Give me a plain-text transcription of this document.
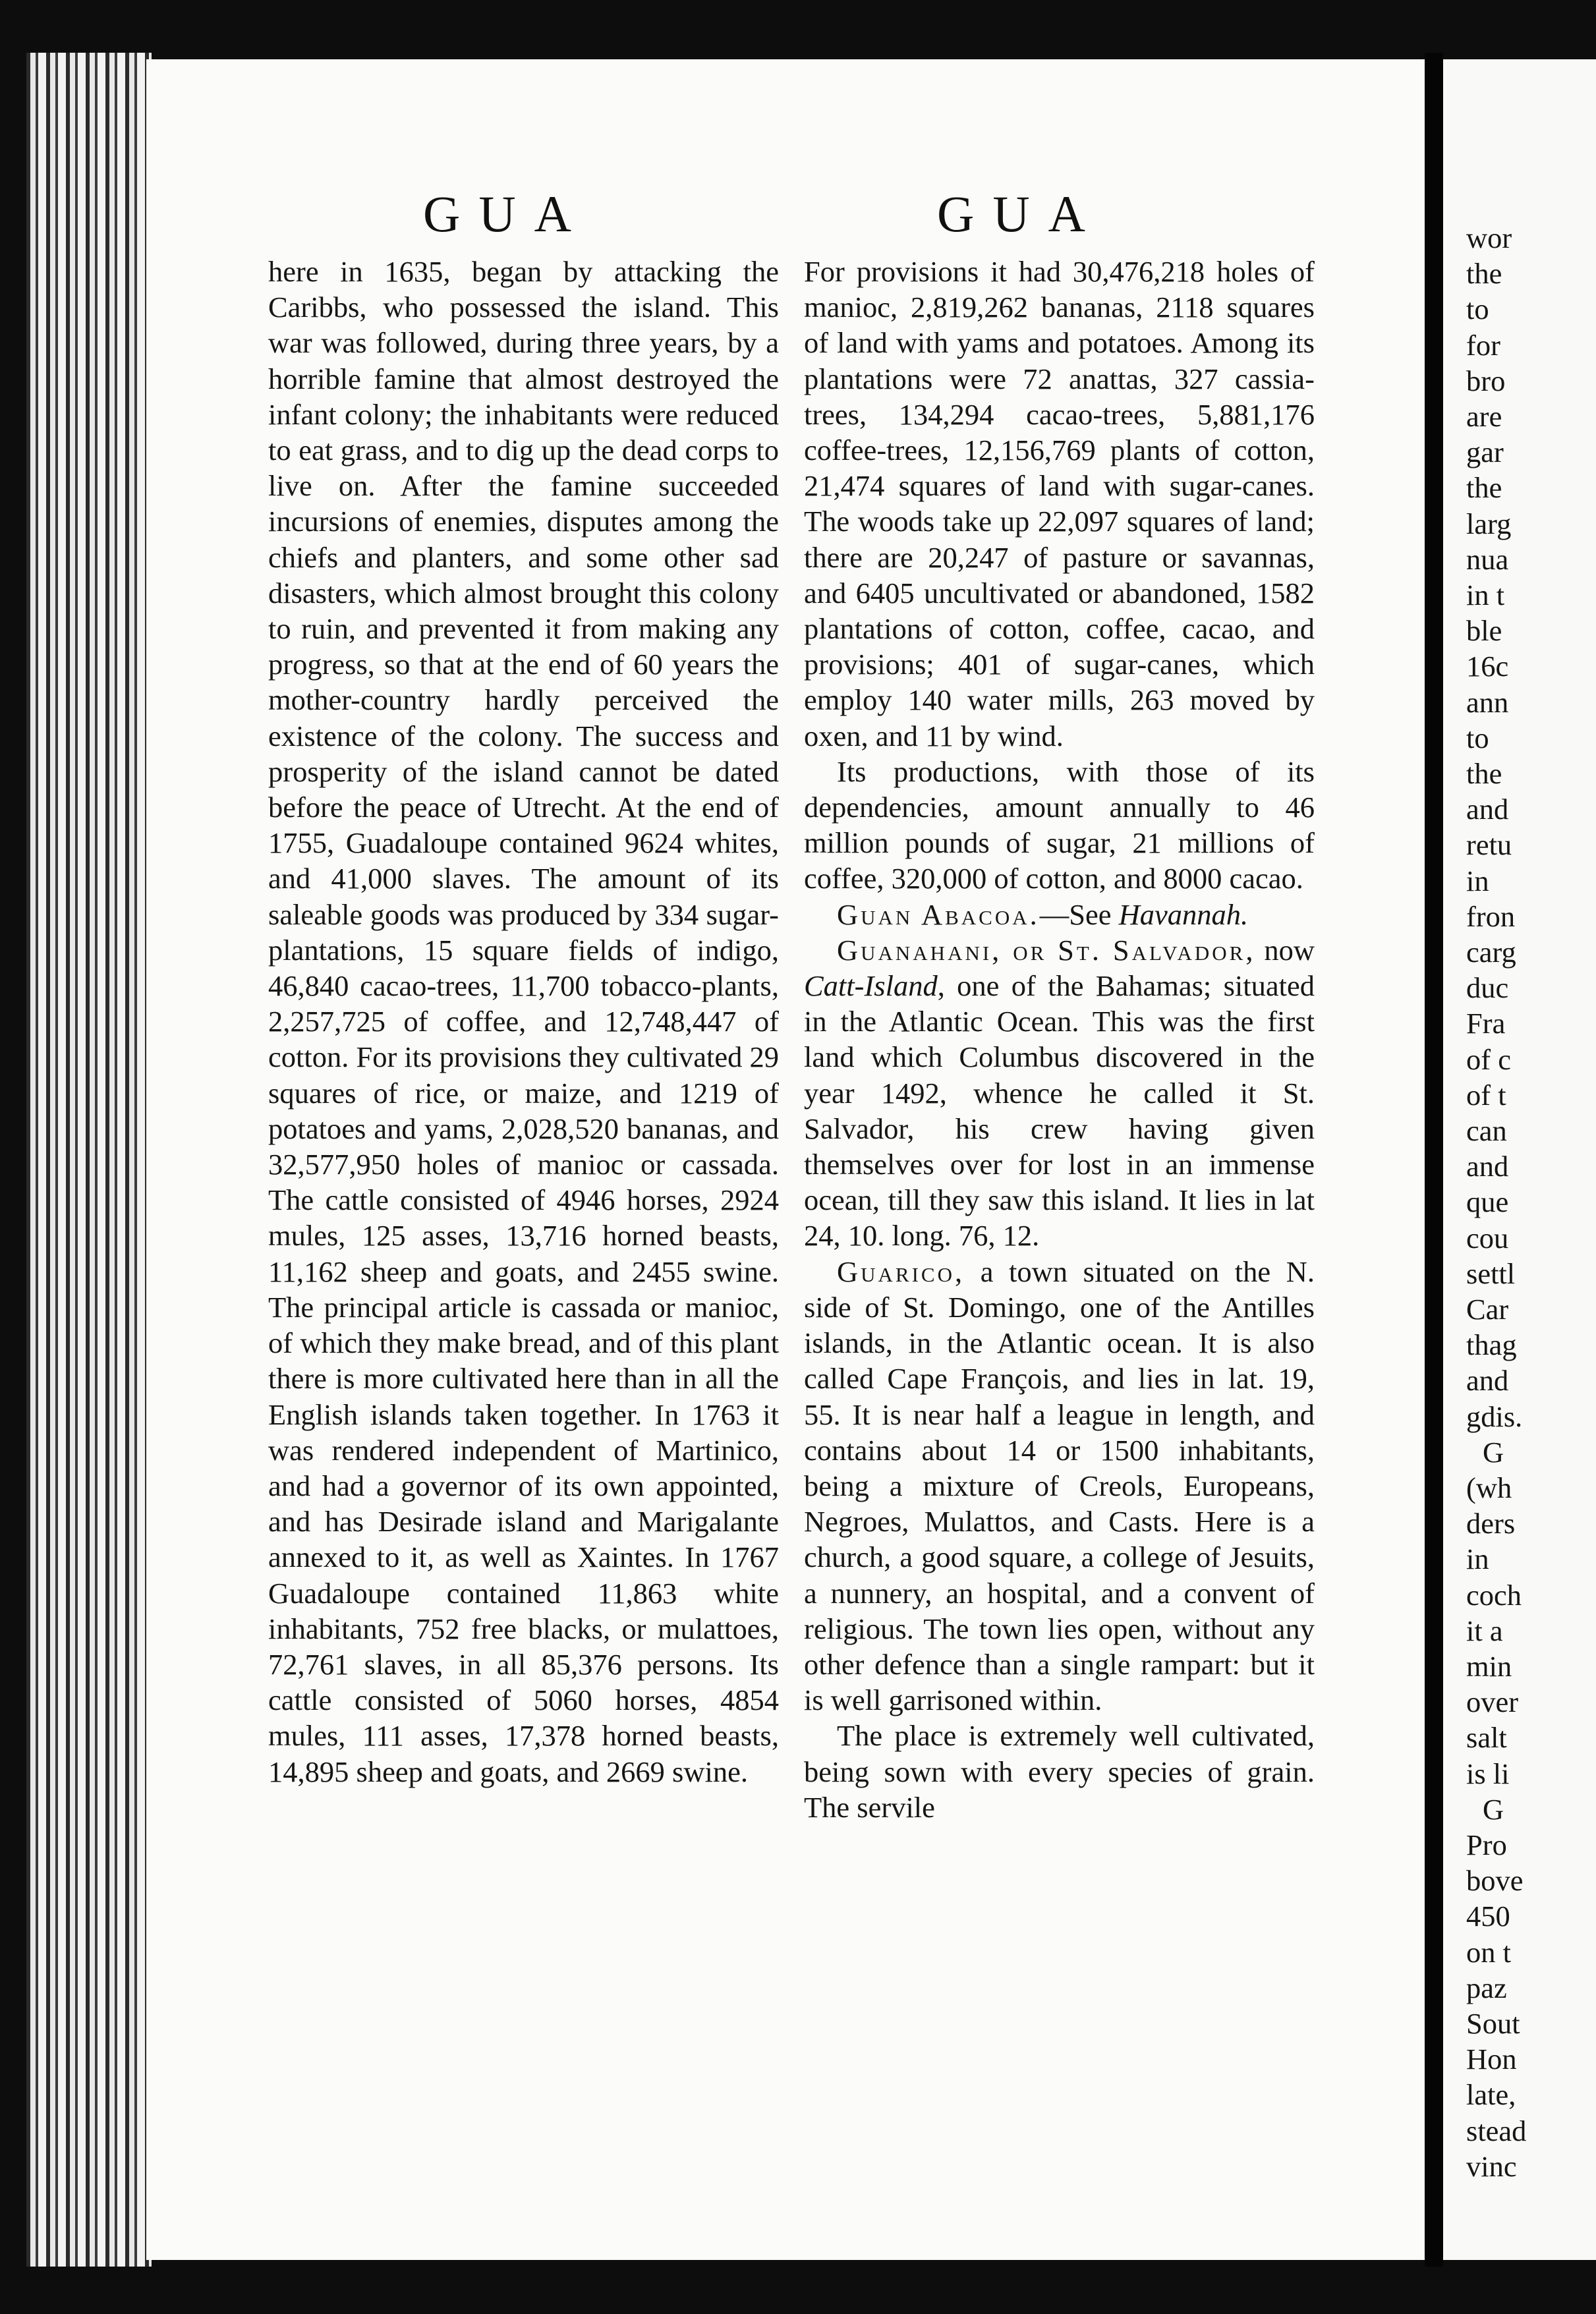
GUA	GUA

here in 1635, began by attacking the Caribbs, who possessed the island. This war was followed, during three years, by a horrible famine that almost destroyed the infant colony; the inhabitants were reduced to eat grass, and to dig up the dead corps to live on. After the famine succeeded incursions of enemies, disputes among the chiefs and planters, and some other sad disasters, which almost brought this colony to ruin, and prevented it from making any progress, so that at the end of 60 years the mother-country hardly perceived the existence of the colony. The success and prosperity of the island cannot be dated before the peace of Utrecht. At the end of 1755, Guadaloupe contained 9624 whites, and 41,000 slaves. The amount of its saleable goods was produced by 334 sugar-plantations, 15 square fields of indigo, 46,840 cacao-trees, 11,700 tobacco-plants, 2,257,725 of coffee, and 12,748,447 of cotton. For its provisions they cultivated 29 squares of rice, or maize, and 1219 of potatoes and yams, 2,028,520 bananas, and 32,577,950 holes of manioc or cassada. The cattle consisted of 4946 horses, 2924 mules, 125 asses, 13,716 horned beasts, 11,162 sheep and goats, and 2455 swine. The principal article is cassada or manioc, of which they make bread, and of this plant there is more cultivated here than in all the English islands taken together. In 1763 it was rendered independent of Martinico, and had a governor of its own appointed, and has Desirade island and Marigalante annexed to it, as well as Xaintes. In 1767 Guadaloupe contained 11,863 white inhabitants, 752 free blacks, or mulattoes, 72,761 slaves, in all 85,376 persons. Its cattle consisted of 5060 horses, 4854 mules, 111 asses, 17,378 horned beasts, 14,895 sheep and goats, and 2669 swine.

For provisions it had 30,476,218 holes of manioc, 2,819,262 bananas, 2118 squares of land with yams and potatoes. Among its plantations were 72 anattas, 327 cassia-trees, 134,294 cacao-trees, 5,881,176 coffee-trees, 12,156,769 plants of cotton, 21,474 squares of land with sugar-canes. The woods take up 22,097 squares of land; there are 20,247 of pasture or savannas, and 6405 uncultivated or abandoned, 1582 plantations of cotton, coffee, cacao, and provisions; 401 of sugar-canes, which employ 140 water mills, 263 moved by oxen, and 11 by wind.

Its productions, with those of its dependencies, amount annually to 46 million pounds of sugar, 21 millions of coffee, 320,000 of cotton, and 8000 cacao.

Guan Abacoa.—See Havannah.

Guanahani, or St. Salvador, now Catt-Island, one of the Bahamas; situated in the Atlantic Ocean. This was the first land which Columbus discovered in the year 1492, whence he called it St. Salvador, his crew having given themselves over for lost in an immense ocean, till they saw this island. It lies in lat 24, 10. long. 76, 12.

Guarico, a town situated on the N. side of St. Domingo, one of the Antilles islands, in the Atlantic ocean. It is also called Cape François, and lies in lat. 19, 55. It is near half a league in length, and contains about 14 or 1500 inhabitants, being a mixture of Creols, Europeans, Negroes, Mulattos, and Casts. Here is a church, a good square, a college of Jesuits, a nunnery, an hospital, and a convent of religious. The town lies open, without any other defence than a single rampart: but it is well garrisoned within.

The place is extremely well cultivated, being sown with every species of grain. The servile

wor
the
to
for
bro
are
gar
the
larg
nua
in t
ble
16c
ann
to
the
and
retu
in
fron
carg
duc
Fra
of c
of t
can
and
que
cou
settl
Car
thag
and
gdis.
G
(wh
ders
in
coch
it a
min
over
salt
is li
G
Pro
bove
450
on t
paz
Sout
Hon
late,
stead
vinc
